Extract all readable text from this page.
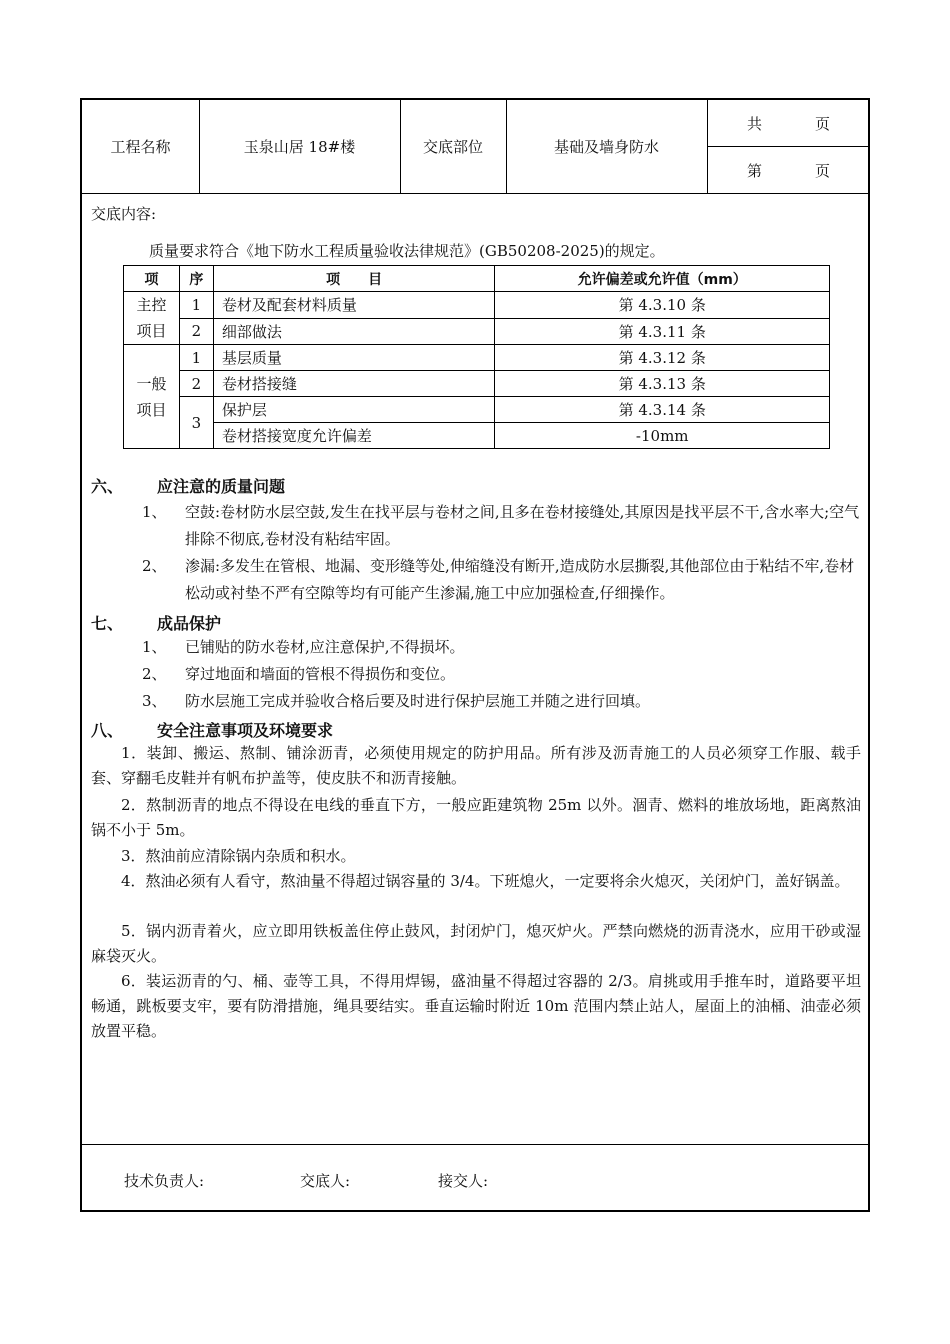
工程名称	玉泉山居 18#楼	交底部位	基础及墙身防水
共	页
第	页
交底内容:
质量要求符合《地下防水工程质量验收法律规范》(GB50208-2025)的规定。
项	序	项　　目	允许偏差或允许值（mm）
主控
项目	1	卷材及配套材料质量	第 4.3.10 条
	2	细部做法	第 4.3.11 条
一般
项目	1	基层质量	第 4.3.12 条
	2	卷材搭接缝	第 4.3.13 条
	3	保护层	第 4.3.14 条
		卷材搭接宽度允许偏差	-10mm
六、 应注意的质量问题
1、	空鼓:卷材防水层空鼓,发生在找平层与卷材之间,且多在卷材接缝处,其原因是找平层不干,含水率大;空气排除不彻底,卷材没有粘结牢固。
2、	渗漏:多发生在管根、地漏、变形缝等处,伸缩缝没有断开,造成防水层撕裂,其他部位由于粘结不牢,卷材松动或衬垫不严有空隙等均有可能产生渗漏,施工中应加强检查,仔细操作。
七、 成品保护
1、	已铺贴的防水卷材,应注意保护,不得损坏。
2、	穿过地面和墙面的管根不得损伤和变位。
3、	防水层施工完成并验收合格后要及时进行保护层施工并随之进行回填。
八、 安全注意事项及环境要求
1．装卸、搬运、熬制、铺涂沥青，必须使用规定的防护用品。所有涉及沥青施工的人员必须穿工作服、载手套、穿翻毛皮鞋并有帆布护盖等，使皮肤不和沥青接触。
2．熬制沥青的地点不得设在电线的垂直下方，一般应距建筑物 25m 以外。涸青、燃料的堆放场地，距离熬油锅不小于 5m。
3．熬油前应清除锅内杂质和积水。
4．熬油必须有人看守，熬油量不得超过锅容量的 3/4。下班熄火，一定要将余火熄灭，关闭炉门，盖好锅盖。
5．锅内沥青着火，应立即用铁板盖住停止鼓风，封闭炉门，熄灭炉火。严禁向燃烧的沥青浇水，应用干砂或湿麻袋灭火。
6．装运沥青的勺、桶、壶等工具，不得用焊锡，盛油量不得超过容器的 2/3。肩挑或用手推车时，道路要平坦畅通，跳板要支牢，要有防滑措施，绳具要结实。垂直运输时附近 10m 范围内禁止站人，屋面上的油桶、油壶必须放置平稳。
技术负责人:	交底人:	接交人:
